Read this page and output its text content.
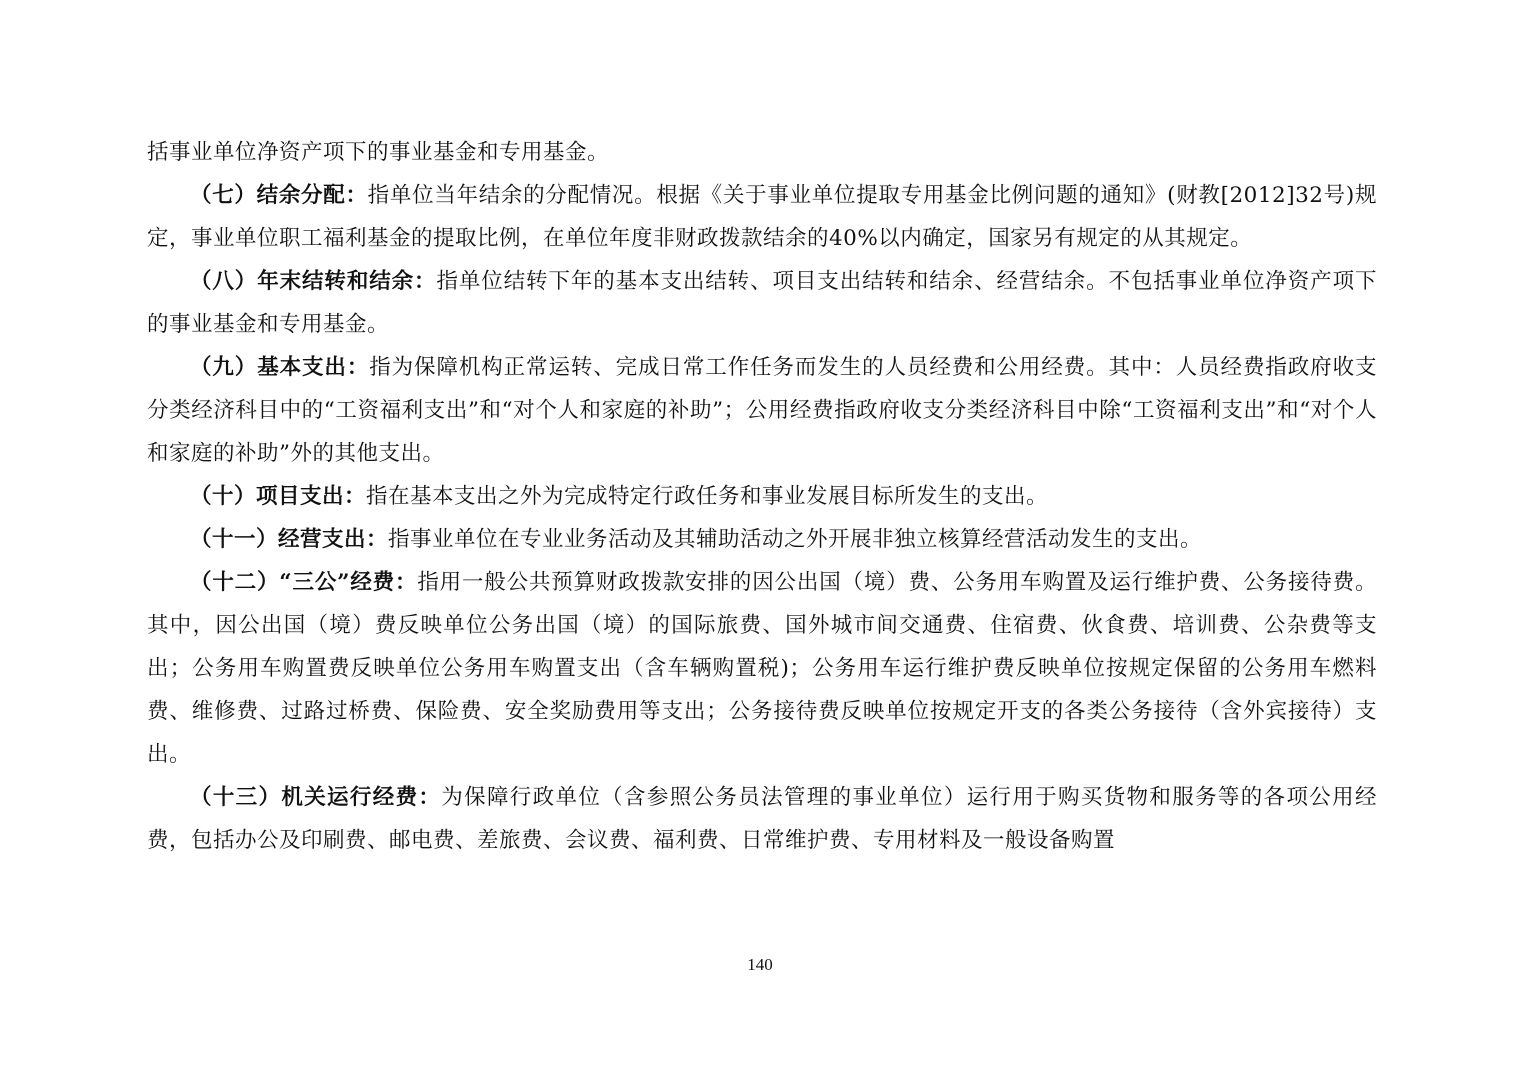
括事业单位净资产项下的事业基金和专用基金。

（七）结余分配：指单位当年结余的分配情况。根据《关于事业单位提取专用基金比例问题的通知》(财教[2012]32号)规定，事业单位职工福利基金的提取比例，在单位年度非财政拨款结余的40%以内确定，国家另有规定的从其规定。

（八）年末结转和结余：指单位结转下年的基本支出结转、项目支出结转和结余、经营结余。不包括事业单位净资产项下的事业基金和专用基金。

（九）基本支出：指为保障机构正常运转、完成日常工作任务而发生的人员经费和公用经费。其中：人员经费指政府收支分类经济科目中的“工资福利支出”和“对个人和家庭的补助”；公用经费指政府收支分类经济科目中除“工资福利支出”和“对个人和家庭的补助”外的其他支出。

（十）项目支出：指在基本支出之外为完成特定行政任务和事业发展目标所发生的支出。

（十一）经营支出：指事业单位在专业业务活动及其辅助活动之外开展非独立核算经营活动发生的支出。

（十二）“三公”经费：指用一般公共预算财政拨款安排的因公出国（境）费、公务用车购置及运行维护费、公务接待费。其中，因公出国（境）费反映单位公务出国（境）的国际旅费、国外城市间交通费、住宿费、伙食费、培训费、公杂费等支出；公务用车购置费反映单位公务用车购置支出（含车辆购置税)；公务用车运行维护费反映单位按规定保留的公务用车燃料费、维修费、过路过桥费、保险费、安全奖励费用等支出；公务接待费反映单位按规定开支的各类公务接待（含外宾接待）支出。

（十三）机关运行经费：为保障行政单位（含参照公务员法管理的事业单位）运行用于购买货物和服务等的各项公用经费，包括办公及印刷费、邮电费、差旅费、会议费、福利费、日常维护费、专用材料及一般设备购置

140
